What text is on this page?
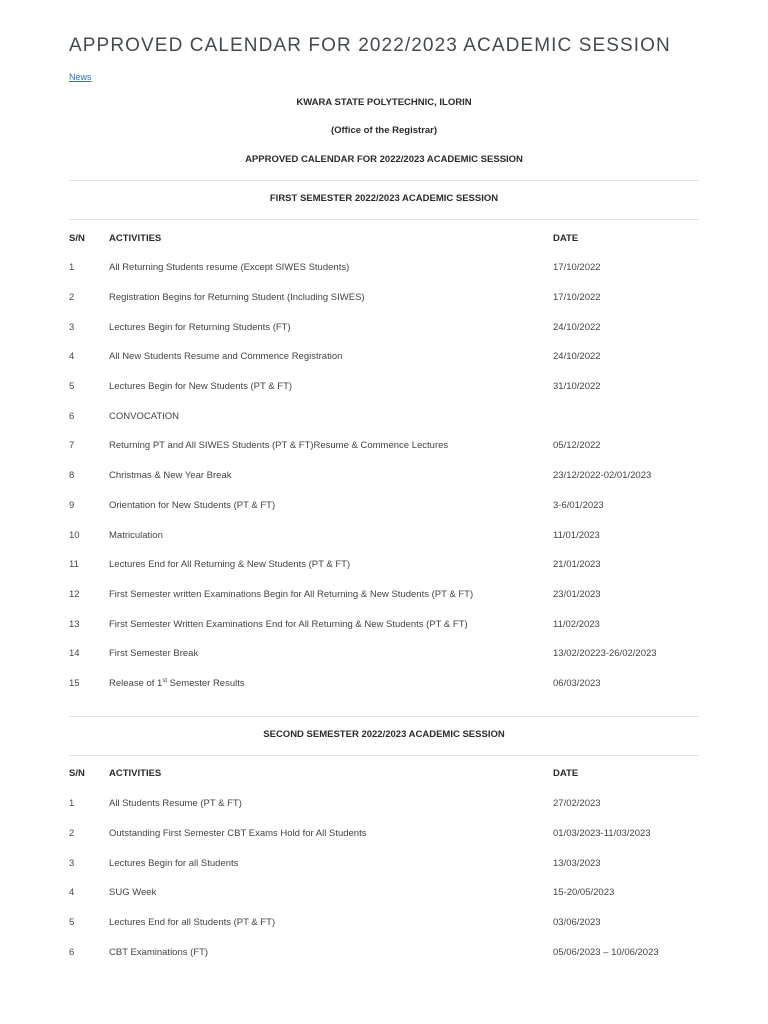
APPROVED CALENDAR FOR 2022/2023 ACADEMIC SESSION
News
KWARA STATE POLYTECHNIC, ILORIN
(Office of the Registrar)
APPROVED CALENDAR FOR 2022/2023 ACADEMIC SESSION
FIRST SEMESTER 2022/2023 ACADEMIC SESSION
S/N	ACTIVITIES	DATE
1	All Returning Students resume (Except SIWES Students)	17/10/2022
2	Registration Begins for Returning Student (Including SIWES)	17/10/2022
3	Lectures Begin for Returning Students (FT)	24/10/2022
4	All New Students Resume and Commence Registration	24/10/2022
5	Lectures Begin for New Students (PT & FT)	31/10/2022
6	CONVOCATION
7	Returning PT and All SIWES Students (PT & FT)Resume & Commence Lectures	05/12/2022
8	Christmas & New Year Break	23/12/2022-02/01/2023
9	Orientation for New Students (PT & FT)	3-6/01/2023
10	Matriculation	11/01/2023
11	Lectures End for All Returning & New Students (PT & FT)	21/01/2023
12	First Semester written Examinations Begin for All Returning & New Students (PT & FT)	23/01/2023
13	First Semester Written Examinations End for All Returning & New Students (PT & FT)	11/02/2023
14	First Semester Break	13/02/20223-26/02/2023
15	Release of 1st Semester Results	06/03/2023
SECOND SEMESTER 2022/2023 ACADEMIC SESSION
S/N	ACTIVITIES	DATE
1	All Students Resume (PT & FT)	27/02/2023
2	Outstanding First Semester CBT Exams Hold for All Students	01/03/2023-11/03/2023
3	Lectures Begin for all Students	13/03/2023
4	SUG Week	15-20/05/2023
5	Lectures End for all Students (PT & FT)	03/06/2023
6	CBT Examinations (FT)	05/06/2023 – 10/06/2023
